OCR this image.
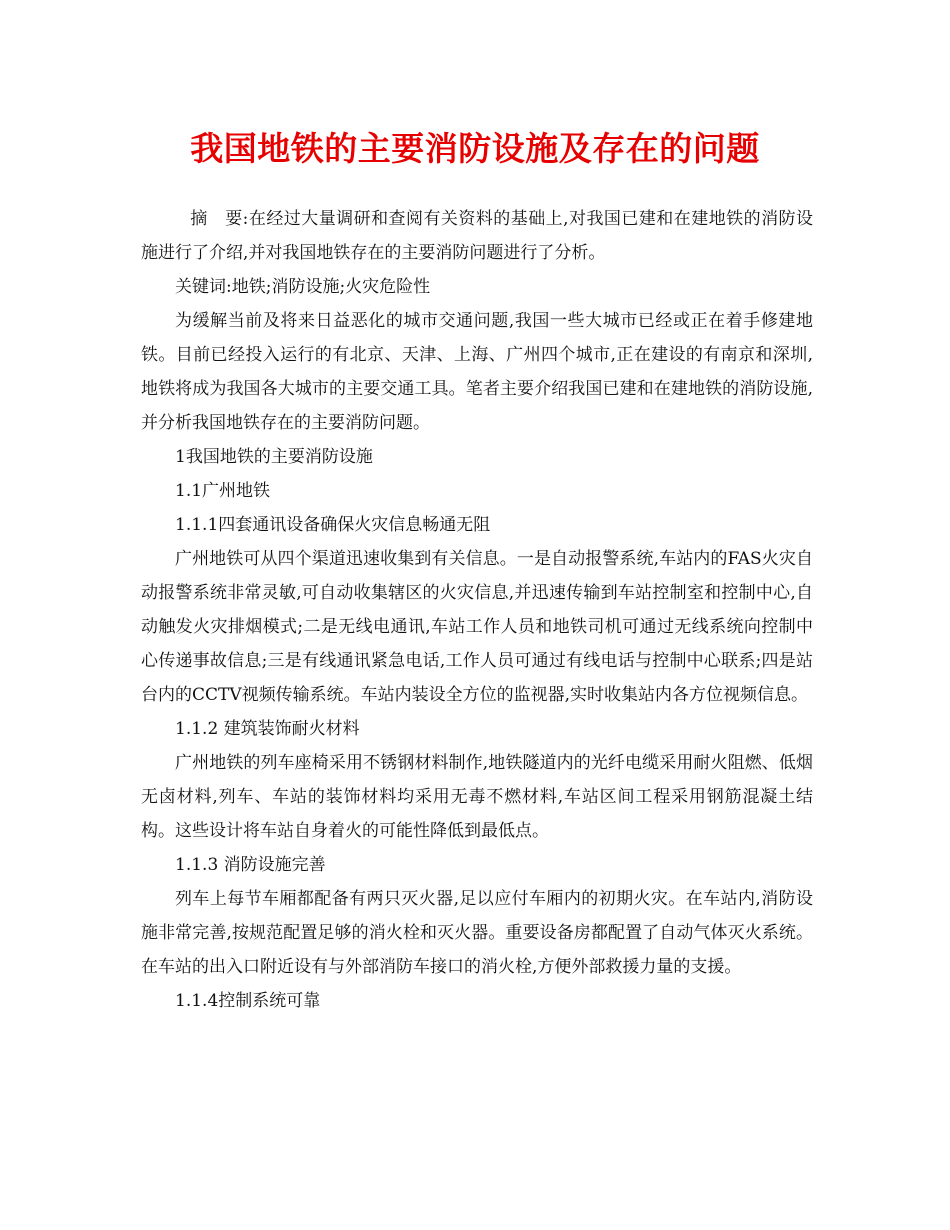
我国地铁的主要消防设施及存在的问题

摘　要:在经过大量调研和查阅有关资料的基础上,对我国已建和在建地铁的消防设施进行了介绍,并对我国地铁存在的主要消防问题进行了分析。

关键词:地铁;消防设施;火灾危险性

为缓解当前及将来日益恶化的城市交通问题,我国一些大城市已经或正在着手修建地铁。目前已经投入运行的有北京、天津、上海、广州四个城市,正在建设的有南京和深圳,地铁将成为我国各大城市的主要交通工具。笔者主要介绍我国已建和在建地铁的消防设施,并分析我国地铁存在的主要消防问题。

1我国地铁的主要消防设施

1.1广州地铁

1.1.1四套通讯设备确保火灾信息畅通无阻

广州地铁可从四个渠道迅速收集到有关信息。一是自动报警系统,车站内的FAS火灾自动报警系统非常灵敏,可自动收集辖区的火灾信息,并迅速传输到车站控制室和控制中心,自动触发火灾排烟模式;二是无线电通讯,车站工作人员和地铁司机可通过无线系统向控制中心传递事故信息;三是有线通讯紧急电话,工作人员可通过有线电话与控制中心联系;四是站台内的CCTV视频传输系统。车站内装设全方位的监视器,实时收集站内各方位视频信息。

1.1.2 建筑装饰耐火材料

广州地铁的列车座椅采用不锈钢材料制作,地铁隧道内的光纤电缆采用耐火阻燃、低烟无卤材料,列车、车站的装饰材料均采用无毒不燃材料,车站区间工程采用钢筋混凝土结构。这些设计将车站自身着火的可能性降低到最低点。

1.1.3 消防设施完善

列车上每节车厢都配备有两只灭火器,足以应付车厢内的初期火灾。在车站内,消防设施非常完善,按规范配置足够的消火栓和灭火器。重要设备房都配置了自动气体灭火系统。在车站的出入口附近设有与外部消防车接口的消火栓,方便外部救援力量的支援。

1.1.4控制系统可靠
